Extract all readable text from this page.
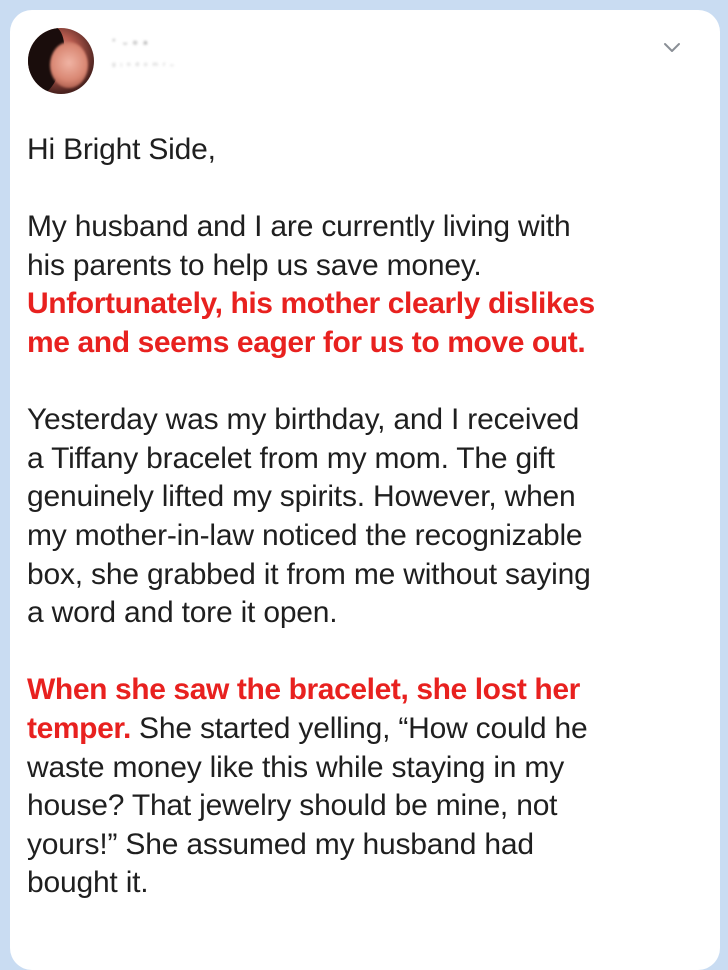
ﾞ ᵕ ᵒ ᵃ
ᵍ ᵎ ⁿ ᵈ ᵒ ᵐ ʳ ᵕ
Hi Bright Side,
My husband and I are currently living with
his parents to help us save money.
Unfortunately, his mother clearly dislikes
me and seems eager for us to move out.
Yesterday was my birthday, and I received
a Tiffany bracelet from my mom. The gift
genuinely lifted my spirits. However, when
my mother-in-law noticed the recognizable
box, she grabbed it from me without saying
a word and tore it open.
When she saw the bracelet, she lost her
temper. She started yelling, “How could he
waste money like this while staying in my
house? That jewelry should be mine, not
yours!” She assumed my husband had
bought it.
